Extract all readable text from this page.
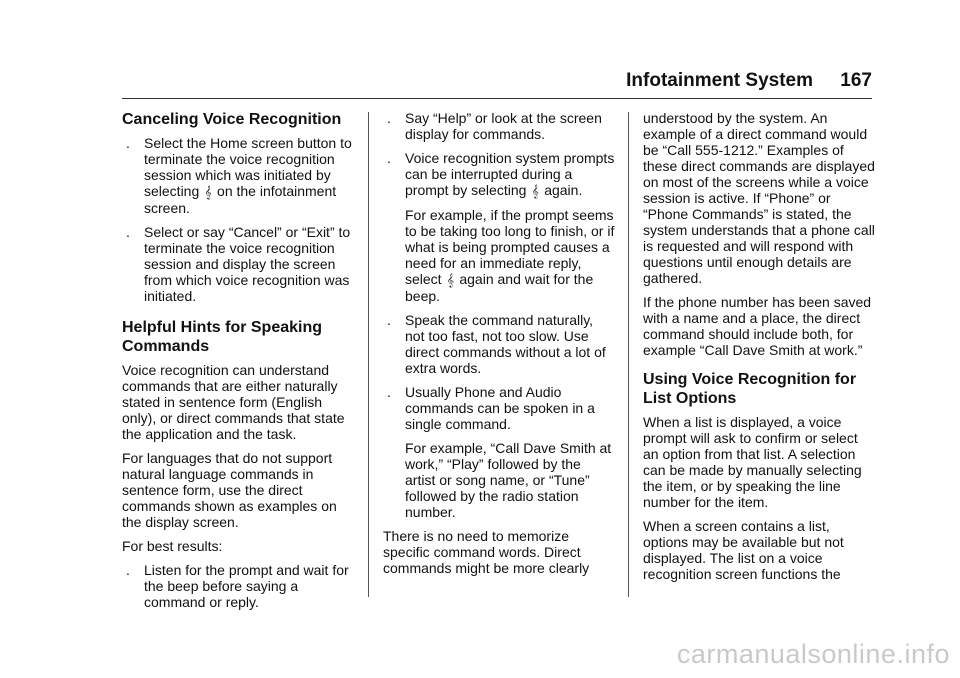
Infotainment System 167
Canceling Voice Recognition
. Select the Home screen button to terminate the voice recognition session which was initiated by selecting 𝄞 on the infotainment screen.
. Select or say “Cancel” or “Exit” to terminate the voice recognition session and display the screen from which voice recognition was initiated.
Helpful Hints for Speaking Commands

Voice recognition can understand commands that are either naturally stated in sentence form (English only), or direct commands that state the application and the task.

For languages that do not support natural language commands in sentence form, use the direct commands shown as examples on the display screen.

For best results:

. Listen for the prompt and wait for the beep before saying a command or reply.
. Say “Help” or look at the screen display for commands.
. Voice recognition system prompts can be interrupted during a prompt by selecting 𝄞 again.
For example, if the prompt seems to be taking too long to finish, or if what is being prompted causes a need for an immediate reply, select 𝄞 again and wait for the beep.
. Speak the command naturally, not too fast, not too slow. Use direct commands without a lot of extra words.
. Usually Phone and Audio commands can be spoken in a single command.
For example, “Call Dave Smith at work,” “Play” followed by the artist or song name, or “Tune” followed by the radio station number.

There is no need to memorize specific command words. Direct commands might be more clearly

understood by the system. An example of a direct command would be “Call 555-1212.” Examples of these direct commands are displayed on most of the screens while a voice session is active. If “Phone” or “Phone Commands” is stated, the system understands that a phone call is requested and will respond with questions until enough details are gathered.

If the phone number has been saved with a name and a place, the direct command should include both, for example “Call Dave Smith at work.”

Using Voice Recognition for List Options

When a list is displayed, a voice prompt will ask to confirm or select an option from that list. A selection can be made by manually selecting the item, or by speaking the line number for the item.

When a screen contains a list, options may be available but not displayed. The list on a voice recognition screen functions the

carmanualsonline.info
